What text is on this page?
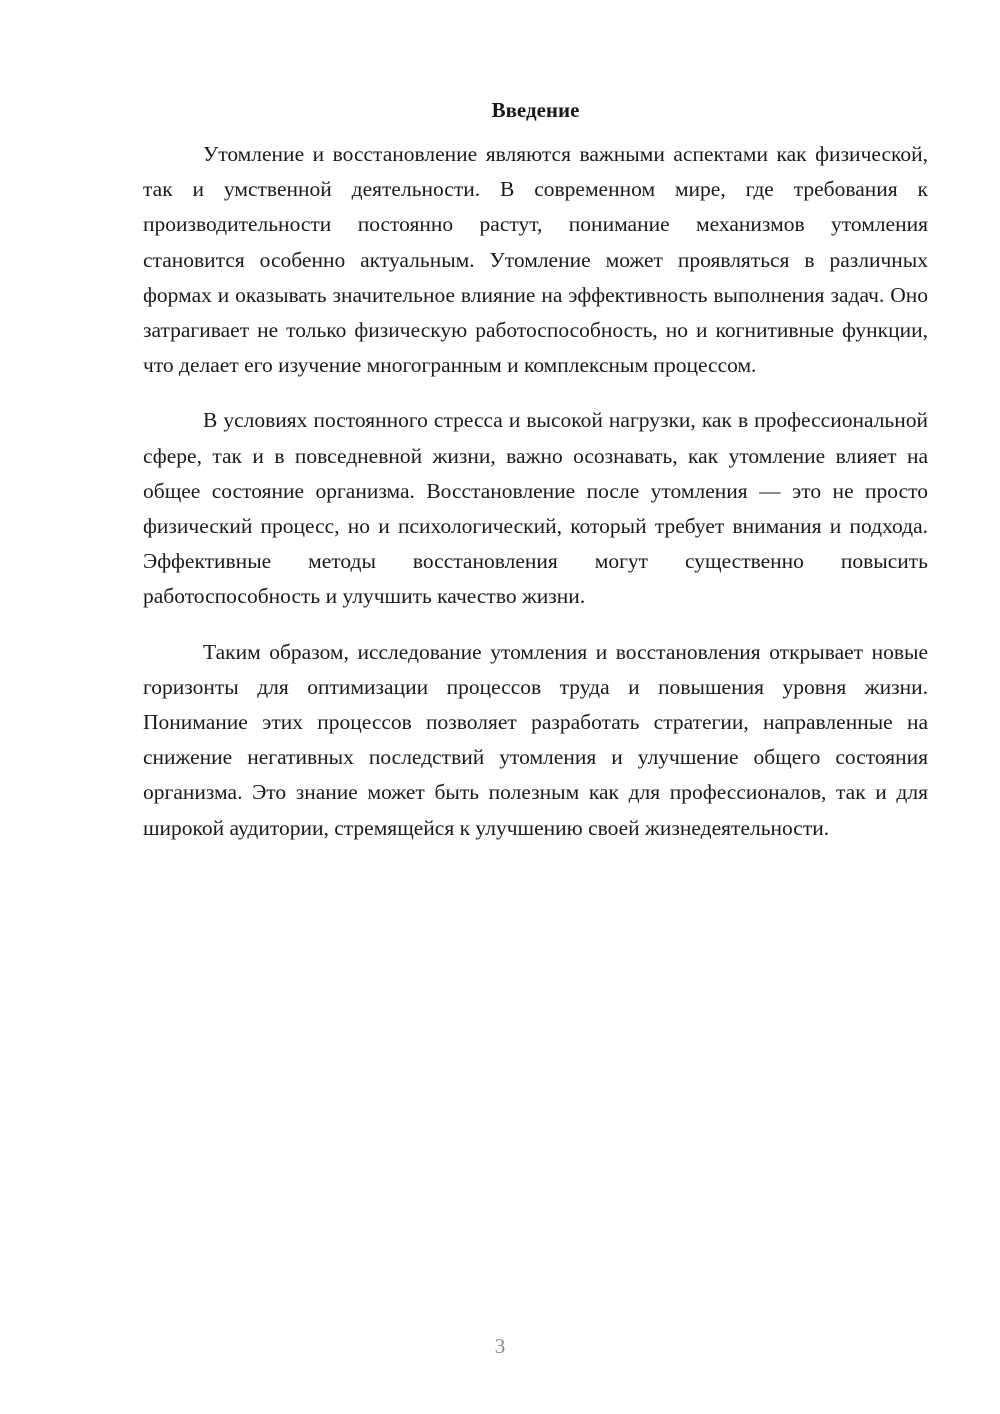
Введение

Утомление и восстановление являются важными аспектами как физической, так и умственной деятельности. В современном мире, где требования к производительности постоянно растут, понимание механизмов утомления становится особенно актуальным. Утомление может проявляться в различных формах и оказывать значительное влияние на эффективность выполнения задач. Оно затрагивает не только физическую работоспособность, но и когнитивные функции, что делает его изучение многогранным и комплексным процессом.

В условиях постоянного стресса и высокой нагрузки, как в профессиональной сфере, так и в повседневной жизни, важно осознавать, как утомление влияет на общее состояние организма. Восстановление после утомления — это не просто физический процесс, но и психологический, который требует внимания и подхода. Эффективные методы восстановления могут существенно повысить работоспособность и улучшить качество жизни.

Таким образом, исследование утомления и восстановления открывает новые горизонты для оптимизации процессов труда и повышения уровня жизни. Понимание этих процессов позволяет разработать стратегии, направленные на снижение негативных последствий утомления и улучшение общего состояния организма. Это знание может быть полезным как для профессионалов, так и для широкой аудитории, стремящейся к улучшению своей жизнедеятельности.

3
